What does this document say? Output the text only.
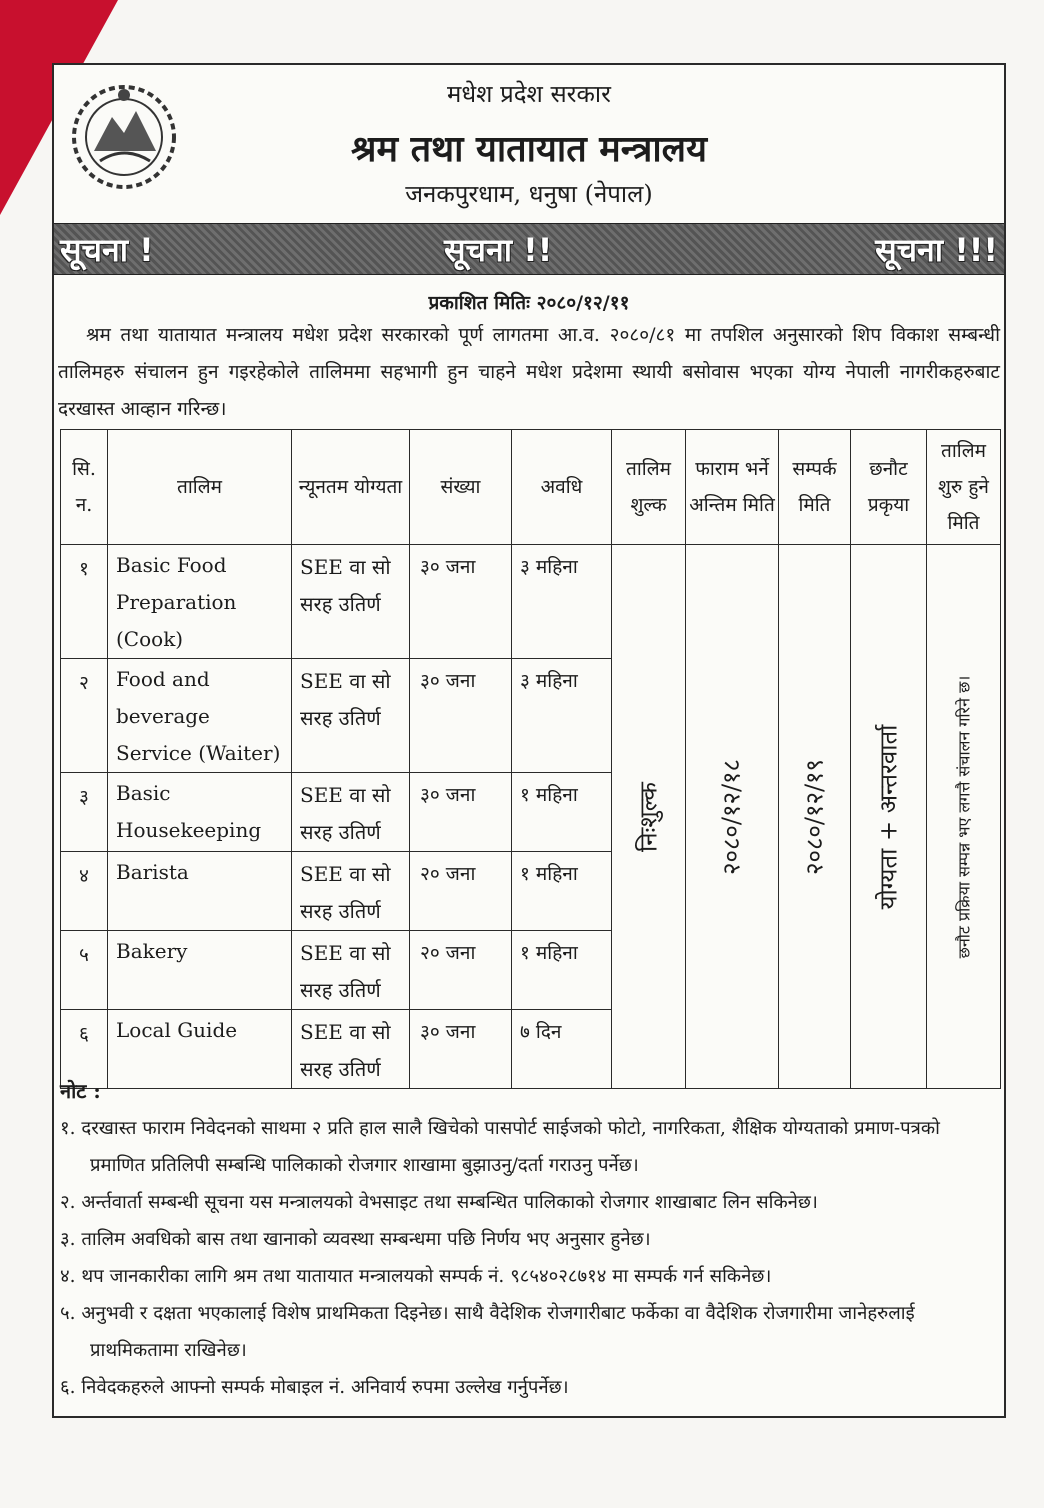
मधेश प्रदेश सरकार
श्रम तथा यातायात मन्त्रालय
जनकपुरधाम, धनुषा (नेपाल)
सूचना !	सूचना !!	सूचना !!!
प्रकाशित मितिः २०८०/१२/११
श्रम तथा यातायात मन्त्रालय मधेश प्रदेश सरकारको पूर्ण लागतमा आ.व. २०८०/८१ मा तपशिल अनुसारको शिप विकाश सम्बन्धी तालिमहरु संचालन हुन गइरहेकोले तालिममा सहभागी हुन चाहने मधेश प्रदेशमा स्थायी बसोवास भएका योग्य नेपाली नागरीकहरुबाट दरखास्त आव्हान गरिन्छ।
सि. न.	तालिम	न्यूनतम योग्यता	संख्या	अवधि	तालिम शुल्क	फाराम भर्ने अन्तिम मिति	सम्पर्क मिति	छनौट प्रकृया	तालिम शुरु हुने मिति
१	Basic Food Preparation (Cook)	SEE वा सो सरह उतिर्ण	३० जना	३ महिना	निःशुल्क	२०८०/१२/१८	२०८०/१२/१९	योग्यता + अन्तरवार्ता	छनौट प्रक्रिया सम्पन्न भए लगत्तै संचालन गरिने छ।

२	Food and beverage Service (Waiter)	SEE वा सो सरह उतिर्ण	३० जना	३ महिना					
३	Basic Housekeeping	SEE वा सो सरह उतिर्ण	३० जना	१ महिना					
४	Barista	SEE वा सो सरह उतिर्ण	२० जना	१ महिना					
५	Bakery	SEE वा सो सरह उतिर्ण	२० जना	१ महिना					
६	Local Guide	SEE वा सो सरह उतिर्ण	३० जना	७ दिन					
नोट :
१. दरखास्त फाराम निवेदनको साथमा २ प्रति हाल सालै खिचेको पासपोर्ट साईजको फोटो, नागरिकता, शैक्षिक योग्यताको प्रमाण-पत्रको प्रमाणित प्रतिलिपी सम्बन्धि पालिकाको रोजगार शाखामा बुझाउनु/दर्ता गराउनु पर्नेछ।
२. अर्न्तवार्ता सम्बन्धी सूचना यस मन्त्रालयको वेभसाइट तथा सम्बन्धित पालिकाको रोजगार शाखाबाट लिन सकिनेछ।
३. तालिम अवधिको बास तथा खानाको व्यवस्था सम्बन्धमा पछि निर्णय भए अनुसार हुनेछ।
४. थप जानकारीका लागि श्रम तथा यातायात मन्त्रालयको सम्पर्क नं. ९८५४०२८७१४ मा सम्पर्क गर्न सकिनेछ।
५. अनुभवी र दक्षता भएकालाई विशेष प्राथमिकता दिइनेछ। साथै वैदेशिक रोजगारीबाट फर्केका वा वैदेशिक रोजगारीमा जानेहरुलाई प्राथमिकतामा राखिनेछ।
६. निवेदकहरुले आफ्नो सम्पर्क मोबाइल नं. अनिवार्य रुपमा उल्लेख गर्नुपर्नेछ।
